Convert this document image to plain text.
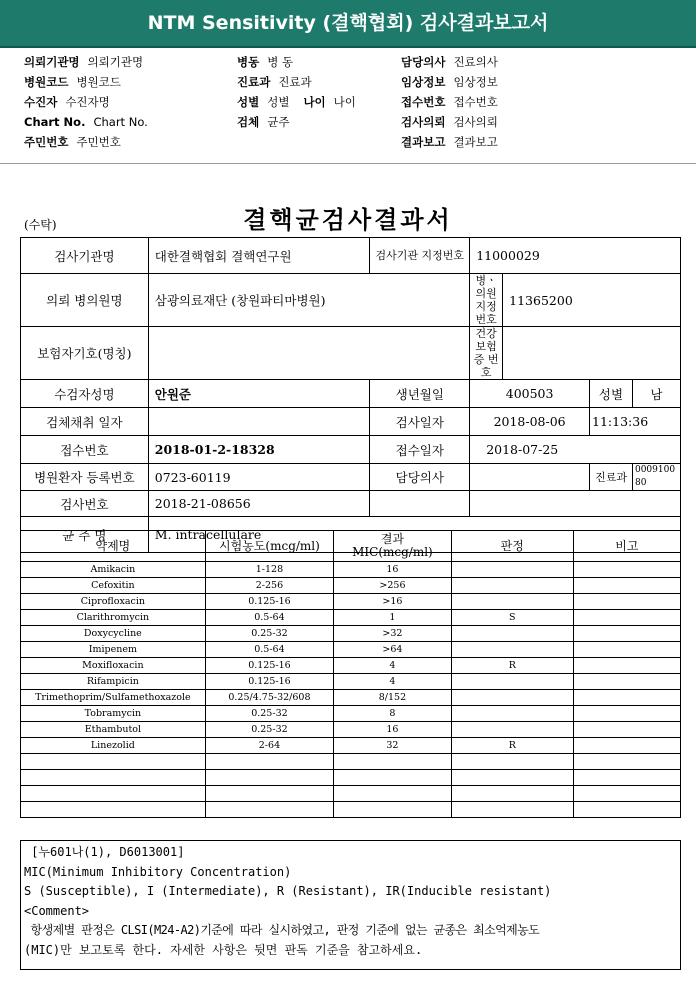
NTM Sensitivity (결핵협회) 검사결과보고서
의뢰기관명 의뢰기관명
병원코드 병원코드
수진자 수진자명
Chart No. Chart No.
주민번호 주민번호
병동 병 동
진료과 진료과
성별 성별 나이 나이
검체 균주
담당의사 진료의사
임상정보 임상정보
접수번호 접수번호
검사의뢰 검사의뢰
결과보고 결과보고
결핵균검사결과서
(수탁)
검사기관명	대한결핵협회 결핵연구원	검사기관 지정번호	11000029			
의뢰 병의원명	삼광의료재단 (창원파티마병원)		병ㆍ의원 지정번호	11365200		
보험자기호(명칭)			건강보험 증 번 호			
수검자성명	안원준	생년월일	400503		성별	남
검체채취 일자		검사일자	2018-08-06		11:13:36	
접수번호	2018-01-2-18328	접수일자	2018-07-25			
병원환자 등록번호	0723-60119	담당의사			진료과	000910080
검사번호	2018-21-08656					
균 주 명	M. intracellulare					
약제명	시험농도(mcg/ml)	결과 MIC(mcg/ml)	판정	비고
Amikacin	1-128	16		
Cefoxitin	2-256	>256		
Ciprofloxacin	0.125-16	>16		
Clarithromycin	0.5-64	1	S	
Doxycycline	0.25-32	>32		
Imipenem	0.5-64	>64		
Moxifloxacin	0.125-16	4	R	
Rifampicin	0.125-16	4		
Trimethoprim/Sulfamethoxazole	0.25/4.75-32/608	8/152		
Tobramycin	0.25-32	8		
Ethambutol	0.25-32	16		
Linezolid	2-64	32	R	

[누601나(1), D6013001]
MIC(Minimum Inhibitory Concentration)
S (Susceptible), I (Intermediate), R (Resistant), IR(Inducible resistant)
<Comment>
항생제별 판정은 CLSI(M24-A2)기준에 따라 실시하였고, 판정 기준에 없는 균종은 최소억제농도
(MIC)만 보고토록 한다. 자세한 사항은 뒷면 판독 기준을 참고하세요.
